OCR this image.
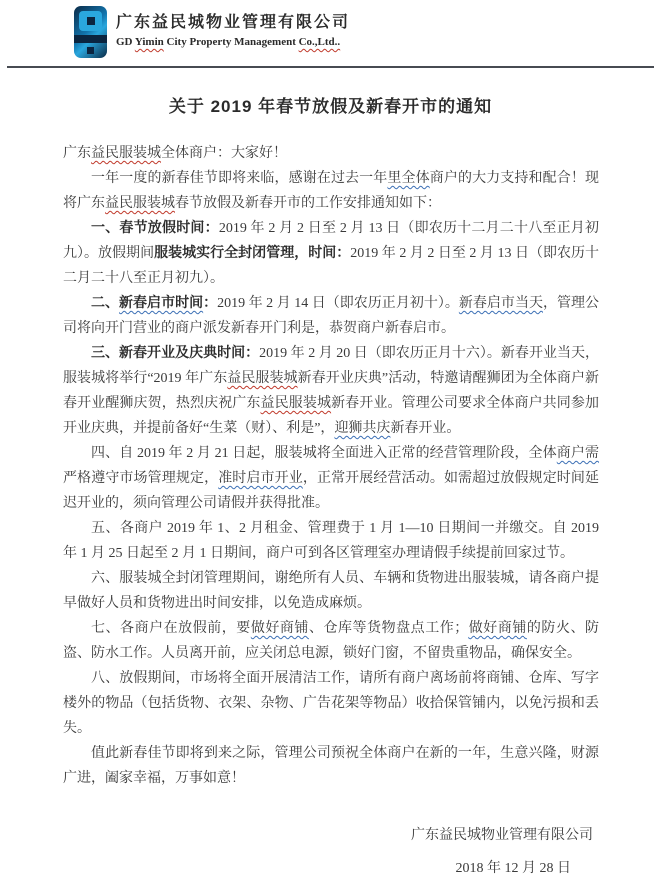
广东益民城物业管理有限公司
GD Yimin City Property Management Co.,Ltd..
关于 2019 年春节放假及新春开市的通知

广东益民服装城全体商户：大家好！

一年一度的新春佳节即将来临，感谢在过去一年里全体商户的大力支持和配合！现将广东益民服装城春节放假及新春开市的工作安排通知如下：

一、春节放假时间：2019 年 2 月 2 日至 2 月 13 日（即农历十二月二十八至正月初九）。放假期间服装城实行全封闭管理，时间：2019 年 2 月 2 日至 2 月 13 日（即农历十二月二十八至正月初九）。

二、新春启市时间：2019 年 2 月 14 日（即农历正月初十）。新春启市当天，管理公司将向开门营业的商户派发新春开门利是，恭贺商户新春启市。

三、新春开业及庆典时间：2019 年 2 月 20 日（即农历正月十六）。新春开业当天，服装城将举行“2019 年广东益民服装城新春开业庆典”活动，特邀请醒狮团为全体商户新春开业醒狮庆贺，热烈庆祝广东益民服装城新春开业。管理公司要求全体商户共同参加开业庆典，并提前备好“生菜（财）、利是”，迎狮共庆新春开业。

四、自 2019 年 2 月 21 日起，服装城将全面进入正常的经营管理阶段，全体商户需严格遵守市场管理规定，准时启市开业，正常开展经营活动。如需超过放假规定时间延迟开业的，须向管理公司请假并获得批准。

五、各商户 2019 年 1、2 月租金、管理费于 1 月 1—10 日期间一并缴交。自 2019 年 1 月 25 日起至 2 月 1 日期间，商户可到各区管理室办理请假手续提前回家过节。

六、服装城全封闭管理期间，谢绝所有人员、车辆和货物进出服装城，请各商户提早做好人员和货物进出时间安排，以免造成麻烦。

七、各商户在放假前，要做好商铺、仓库等货物盘点工作；做好商铺的防火、防盗、防水工作。人员离开前，应关闭总电源，锁好门窗，不留贵重物品，确保安全。

八、放假期间，市场将全面开展清洁工作，请所有商户离场前将商铺、仓库、写字楼外的物品（包括货物、衣架、杂物、广告花架等物品）收拾保管铺内，以免污损和丢失。

值此新春佳节即将到来之际，管理公司预祝全体商户在新的一年，生意兴隆，财源广进，阖家幸福，万事如意！

广东益民城物业管理有限公司
2018 年 12 月 28 日
